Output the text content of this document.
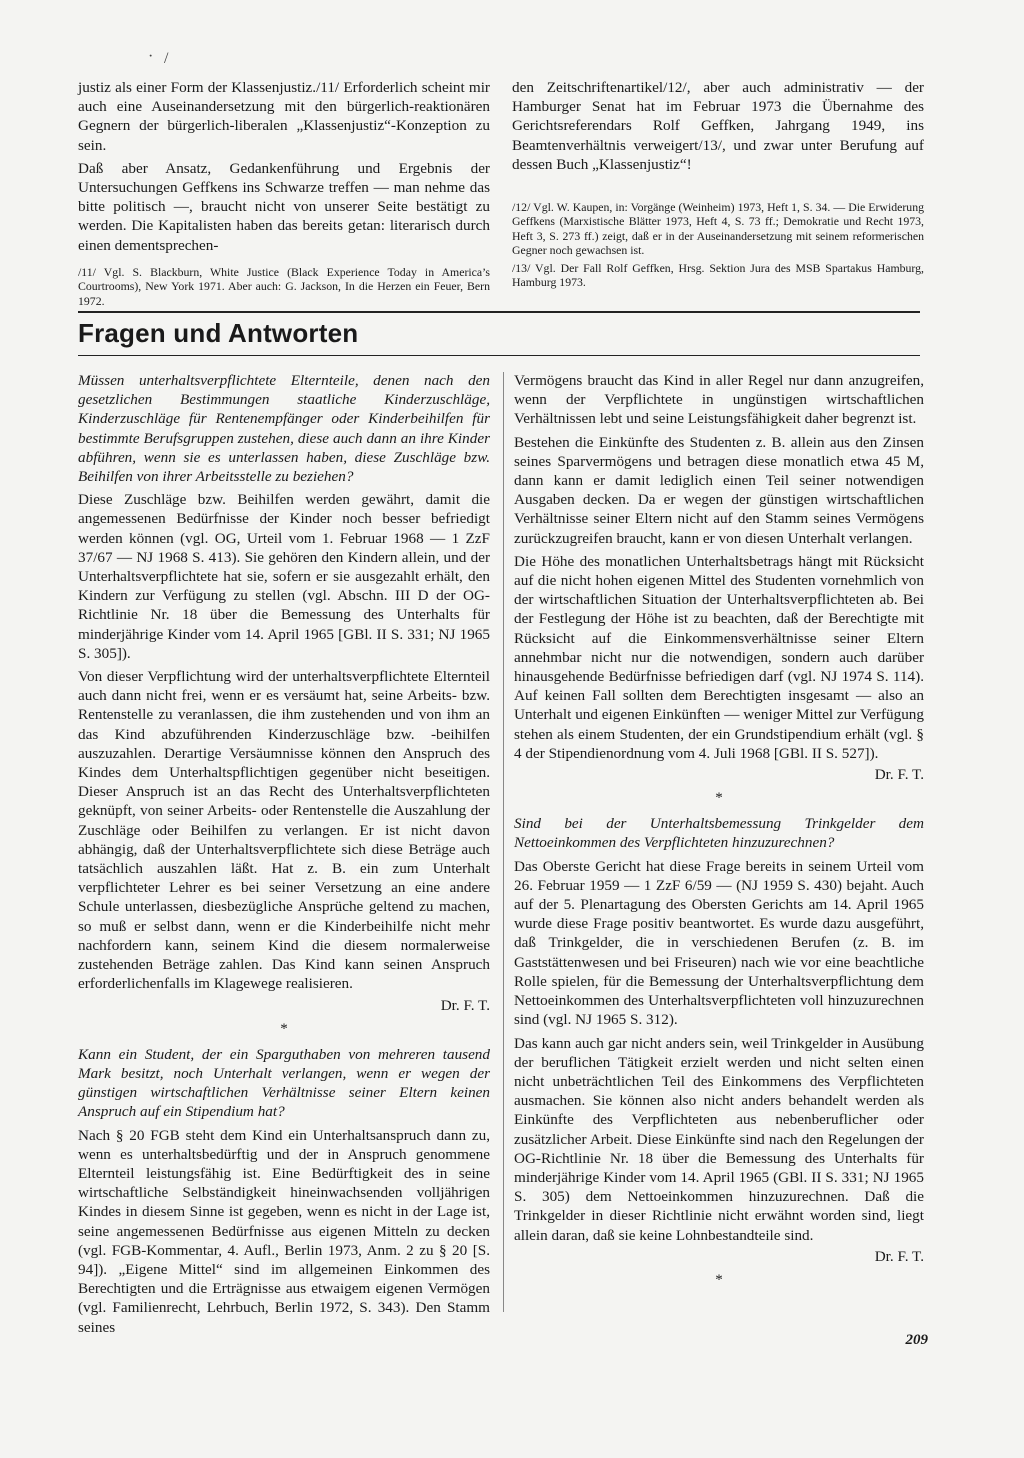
· /

justiz als einer Form der Klassenjustiz./11/ Erforderlich scheint mir auch eine Auseinandersetzung mit den bürgerlich-reaktionären Gegnern der bürgerlich-liberalen „Klassenjustiz“-Konzeption zu sein.

Daß aber Ansatz, Gedankenführung und Ergebnis der Untersuchungen Geffkens ins Schwarze treffen — man nehme das bitte politisch —, braucht nicht von unserer Seite bestätigt zu werden. Die Kapitalisten haben das bereits getan: literarisch durch einen dementsprechen-

/11/ Vgl. S. Blackburn, White Justice (Black Experience Today in America’s Courtrooms), New York 1971. Aber auch: G. Jackson, In die Herzen ein Feuer, Bern 1972.

den Zeitschriftenartikel/12/, aber auch administrativ — der Hamburger Senat hat im Februar 1973 die Übernahme des Gerichtsreferendars Rolf Geffken, Jahrgang 1949, ins Beamtenverhältnis verweigert/13/, und zwar unter Berufung auf dessen Buch „Klassenjustiz“!

/12/ Vgl. W. Kaupen, in: Vorgänge (Weinheim) 1973, Heft 1, S. 34. — Die Erwiderung Geffkens (Marxistische Blätter 1973, Heft 4, S. 73 ff.; Demokratie und Recht 1973, Heft 3, S. 273 ff.) zeigt, daß er in der Auseinandersetzung mit seinem reformerischen Gegner noch gewachsen ist.

/13/ Vgl. Der Fall Rolf Geffken, Hrsg. Sektion Jura des MSB Spartakus Hamburg, Hamburg 1973.

Fragen und Antworten

Müssen unterhaltsverpflichtete Elternteile, denen nach den gesetzlichen Bestimmungen staatliche Kinderzuschläge, Kinderzuschläge für Rentenempfänger oder Kinderbeihilfen für bestimmte Berufsgruppen zustehen, diese auch dann an ihre Kinder abführen, wenn sie es unterlassen haben, diese Zuschläge bzw. Beihilfen von ihrer Arbeitsstelle zu beziehen?

Diese Zuschläge bzw. Beihilfen werden gewährt, damit die angemessenen Bedürfnisse der Kinder noch besser befriedigt werden können (vgl. OG, Urteil vom 1. Februar 1968 — 1 ZzF 37/67 — NJ 1968 S. 413). Sie gehören den Kindern allein, und der Unterhaltsverpflichtete hat sie, sofern er sie ausgezahlt erhält, den Kindern zur Verfügung zu stellen (vgl. Abschn. III D der OG-Richtlinie Nr. 18 über die Bemessung des Unterhalts für minderjährige Kinder vom 14. April 1965 [GBl. II S. 331; NJ 1965 S. 305]).

Von dieser Verpflichtung wird der unterhaltsverpflichtete Elternteil auch dann nicht frei, wenn er es versäumt hat, seine Arbeits- bzw. Rentenstelle zu veranlassen, die ihm zustehenden und von ihm an das Kind abzuführenden Kinderzuschläge bzw. -beihilfen auszuzahlen. Derartige Versäumnisse können den Anspruch des Kindes dem Unterhaltspflichtigen gegenüber nicht beseitigen. Dieser Anspruch ist an das Recht des Unterhaltsverpflichteten geknüpft, von seiner Arbeits- oder Rentenstelle die Auszahlung der Zuschläge oder Beihilfen zu verlangen. Er ist nicht davon abhängig, daß der Unterhaltsverpflichtete sich diese Beträge auch tatsächlich auszahlen läßt. Hat z. B. ein zum Unterhalt verpflichteter Lehrer es bei seiner Versetzung an eine andere Schule unterlassen, diesbezügliche Ansprüche geltend zu machen, so muß er selbst dann, wenn er die Kinderbeihilfe nicht mehr nachfordern kann, seinem Kind die diesem normalerweise zustehenden Beträge zahlen. Das Kind kann seinen Anspruch erforderlichenfalls im Klagewege realisieren.

Dr. F. T.
*

Kann ein Student, der ein Sparguthaben von mehreren tausend Mark besitzt, noch Unterhalt verlangen, wenn er wegen der günstigen wirtschaftlichen Verhältnisse seiner Eltern keinen Anspruch auf ein Stipendium hat?

Nach § 20 FGB steht dem Kind ein Unterhaltsanspruch dann zu, wenn es unterhaltsbedürftig und der in Anspruch genommene Elternteil leistungsfähig ist. Eine Bedürftigkeit des in seine wirtschaftliche Selbständigkeit hineinwachsenden volljährigen Kindes in diesem Sinne ist gegeben, wenn es nicht in der Lage ist, seine angemessenen Bedürfnisse aus eigenen Mitteln zu decken (vgl. FGB-Kommentar, 4. Aufl., Berlin 1973, Anm. 2 zu § 20 [S. 94]). „Eigene Mittel“ sind im allgemeinen Einkommen des Berechtigten und die Erträgnisse aus etwaigem eigenen Vermögen (vgl. Familienrecht, Lehrbuch, Berlin 1972, S. 343). Den Stamm seines

Vermögens braucht das Kind in aller Regel nur dann anzugreifen, wenn der Verpflichtete in ungünstigen wirtschaftlichen Verhältnissen lebt und seine Leistungsfähigkeit daher begrenzt ist.

Bestehen die Einkünfte des Studenten z. B. allein aus den Zinsen seines Sparvermögens und betragen diese monatlich etwa 45 M, dann kann er damit lediglich einen Teil seiner notwendigen Ausgaben decken. Da er wegen der günstigen wirtschaftlichen Verhältnisse seiner Eltern nicht auf den Stamm seines Vermögens zurückzugreifen braucht, kann er von diesen Unterhalt verlangen.

Die Höhe des monatlichen Unterhaltsbetrags hängt mit Rücksicht auf die nicht hohen eigenen Mittel des Studenten vornehmlich von der wirtschaftlichen Situation der Unterhaltsverpflichteten ab. Bei der Festlegung der Höhe ist zu beachten, daß der Berechtigte mit Rücksicht auf die Einkommensverhältnisse seiner Eltern annehmbar nicht nur die notwendigen, sondern auch darüber hinausgehende Bedürfnisse befriedigen darf (vgl. NJ 1974 S. 114). Auf keinen Fall sollten dem Berechtigten insgesamt — also an Unterhalt und eigenen Einkünften — weniger Mittel zur Verfügung stehen als einem Studenten, der ein Grundstipendium erhält (vgl. § 4 der Stipendienordnung vom 4. Juli 1968 [GBl. II S. 527]).

Dr. F. T.
*

Sind bei der Unterhaltsbemessung Trinkgelder dem Nettoeinkommen des Verpflichteten hinzuzurechnen?

Das Oberste Gericht hat diese Frage bereits in seinem Urteil vom 26. Februar 1959 — 1 ZzF 6/59 — (NJ 1959 S. 430) bejaht. Auch auf der 5. Plenartagung des Obersten Gerichts am 14. April 1965 wurde diese Frage positiv beantwortet. Es wurde dazu ausgeführt, daß Trinkgelder, die in verschiedenen Berufen (z. B. im Gaststättenwesen und bei Friseuren) nach wie vor eine beachtliche Rolle spielen, für die Bemessung der Unterhaltsverpflichtung dem Nettoeinkommen des Unterhaltsverpflichteten voll hinzuzurechnen sind (vgl. NJ 1965 S. 312).

Das kann auch gar nicht anders sein, weil Trinkgelder in Ausübung der beruflichen Tätigkeit erzielt werden und nicht selten einen nicht unbeträchtlichen Teil des Einkommens des Verpflichteten ausmachen. Sie können also nicht anders behandelt werden als Einkünfte des Verpflichteten aus nebenberuflicher oder zusätzlicher Arbeit. Diese Einkünfte sind nach den Regelungen der OG-Richtlinie Nr. 18 über die Bemessung des Unterhalts für minderjährige Kinder vom 14. April 1965 (GBl. II S. 331; NJ 1965 S. 305) dem Nettoeinkommen hinzuzurechnen. Daß die Trinkgelder in dieser Richtlinie nicht erwähnt worden sind, liegt allein daran, daß sie keine Lohnbestandteile sind.

Dr. F. T.
*
209
